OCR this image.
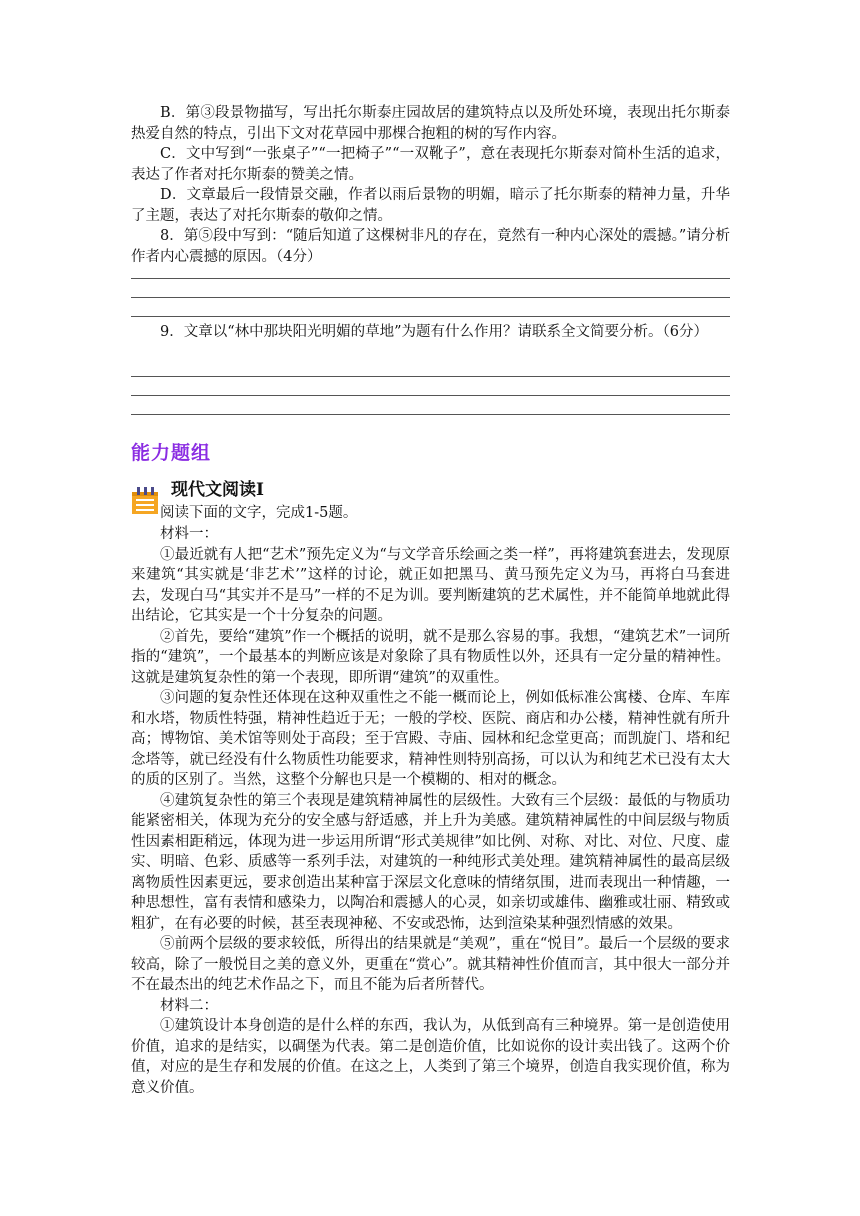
B．第③段景物描写，写出托尔斯泰庄园故居的建筑特点以及所处环境，表现出托尔斯泰热爱自然的特点，引出下文对花草园中那棵合抱粗的树的写作内容。

C．文中写到“一张桌子”“一把椅子”“一双靴子”，意在表现托尔斯泰对简朴生活的追求，表达了作者对托尔斯泰的赞美之情。

D．文章最后一段情景交融，作者以雨后景物的明媚，暗示了托尔斯泰的精神力量，升华了主题，表达了对托尔斯泰的敬仰之情。

8．第⑤段中写到：“随后知道了这棵树非凡的存在，竟然有一种内心深处的震撼。”请分析作者内心震撼的原因。（4分）

9．文章以“林中那块阳光明媚的草地”为题有什么作用？请联系全文简要分析。（6分）

能力题组
现代文阅读Ⅰ

阅读下面的文字，完成1-5题。

材料一：

①最近就有人把“艺术”预先定义为“与文学音乐绘画之类一样”，再将建筑套进去，发现原来建筑“其实就是‘非艺术’”这样的讨论，就正如把黑马、黄马预先定义为马，再将白马套进去，发现白马“其实并不是马”一样的不足为训。要判断建筑的艺术属性，并不能简单地就此得出结论，它其实是一个十分复杂的问题。

②首先，要给“建筑”作一个概括的说明，就不是那么容易的事。我想，“建筑艺术”一词所指的“建筑”，一个最基本的判断应该是对象除了具有物质性以外，还具有一定分量的精神性。这就是建筑复杂性的第一个表现，即所谓“建筑”的双重性。

③问题的复杂性还体现在这种双重性之不能一概而论上，例如低标准公寓楼、仓库、车库和水塔，物质性特强，精神性趋近于无；一般的学校、医院、商店和办公楼，精神性就有所升高；博物馆、美术馆等则处于高段；至于宫殿、寺庙、园林和纪念堂更高；而凯旋门、塔和纪念塔等，就已经没有什么物质性功能要求，精神性则特别高扬，可以认为和纯艺术已没有太大的质的区别了。当然，这整个分解也只是一个模糊的、相对的概念。

④建筑复杂性的第三个表现是建筑精神属性的层级性。大致有三个层级：最低的与物质功能紧密相关，体现为充分的安全感与舒适感，并上升为美感。建筑精神属性的中间层级与物质性因素相距稍远，体现为进一步运用所谓“形式美规律”如比例、对称、对比、对位、尺度、虚实、明暗、色彩、质感等一系列手法，对建筑的一种纯形式美处理。建筑精神属性的最高层级离物质性因素更远，要求创造出某种富于深层文化意味的情绪氛围，进而表现出一种情趣，一种思想性，富有表情和感染力，以陶冶和震撼人的心灵，如亲切或雄伟、幽雅或壮丽、精致或粗犷，在有必要的时候，甚至表现神秘、不安或恐怖，达到渲染某种强烈情感的效果。

⑤前两个层级的要求较低，所得出的结果就是“美观”，重在“悦目”。最后一个层级的要求较高，除了一般悦目之美的意义外，更重在“赏心”。就其精神性价值而言，其中很大一部分并不在最杰出的纯艺术作品之下，而且不能为后者所替代。

材料二：

①建筑设计本身创造的是什么样的东西，我认为，从低到高有三种境界。第一是创造使用价值，追求的是结实，以碉堡为代表。第二是创造价值，比如说你的设计卖出钱了。这两个价值，对应的是生存和发展的价值。在这之上，人类到了第三个境界，创造自我实现价值，称为意义价值。
